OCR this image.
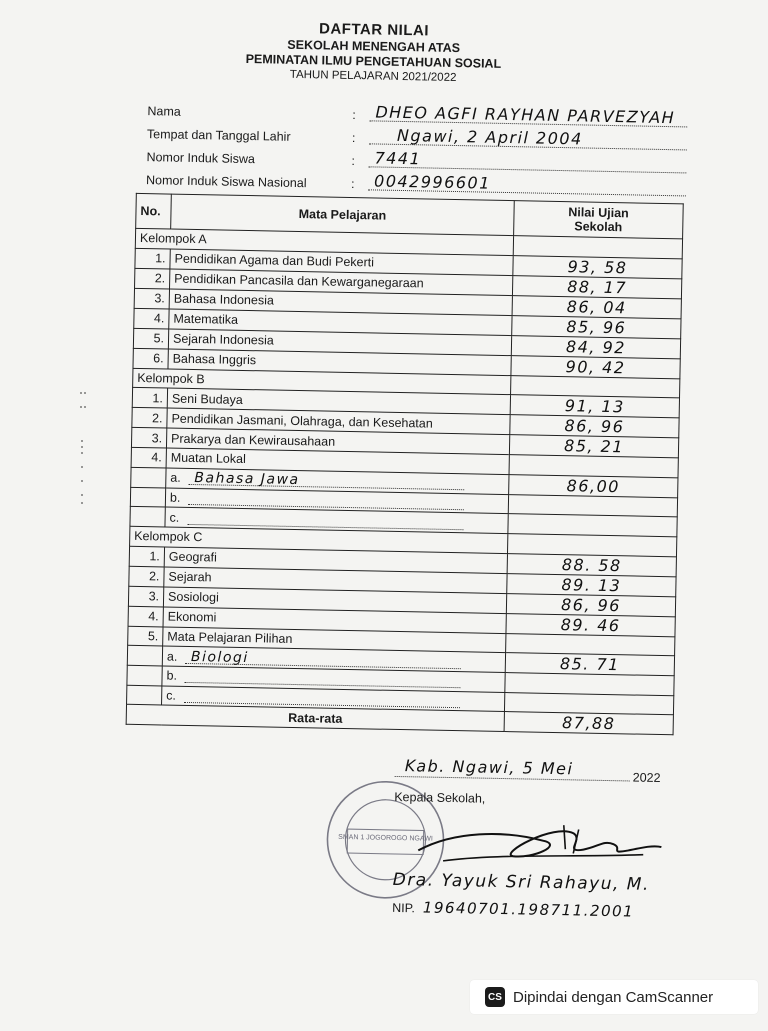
DAFTAR NILAI
SEKOLAH MENENGAH ATAS
PEMINATAN ILMU PENGETAHUAN SOSIAL
TAHUN PELAJARAN 2021/2022
Nama	: DHEO AGFI RAYHAN PARVEZYAH
Tempat dan Tanggal Lahir	:	Ngawi, 2 April 2004
Nomor Induk Siswa	: 7441
Nomor Induk Siswa Nasional	: 0042996601
No.	Mata Pelajaran	Nilai Ujian
Sekolah

Kelompok A		
1.	Pendidikan Agama dan Budi Pekerti	93, 58
2.	Pendidikan Pancasila dan Kewarganegaraan	88, 17
3.	Bahasa Indonesia	86, 04
4.	Matematika	85, 96
5.	Sejarah Indonesia	84, 92
6.	Bahasa Inggris	90, 42
Kelompok B		
1.	Seni Budaya	91, 13
2.	Pendidikan Jasmani, Olahraga, dan Kesehatan	86, 96
3.	Prakarya dan Kewirausahaan	85, 21
4.	Muatan Lokal	

	a. Bahasa Jawa	86,00

	b.	

	c.	

Kelompok C		
1.	Geografi	88. 58
2.	Sejarah	89. 13
3.	Sosiologi	86, 96
4.	Ekonomi	89. 46
5.	Mata Pelajaran Pilihan	

	a. Biologi	85. 71

	b.	

	c.	

Rata-rata		87,88
SMAN 1 JOGOROGO NGAWI
Kab. Ngawi, 5 Mei	2022
Kepala Sekolah,
Dra. Yayuk Sri Rahayu, M.
NIP. 19640701.198711.2001
CS Dipindai dengan CamScanner
